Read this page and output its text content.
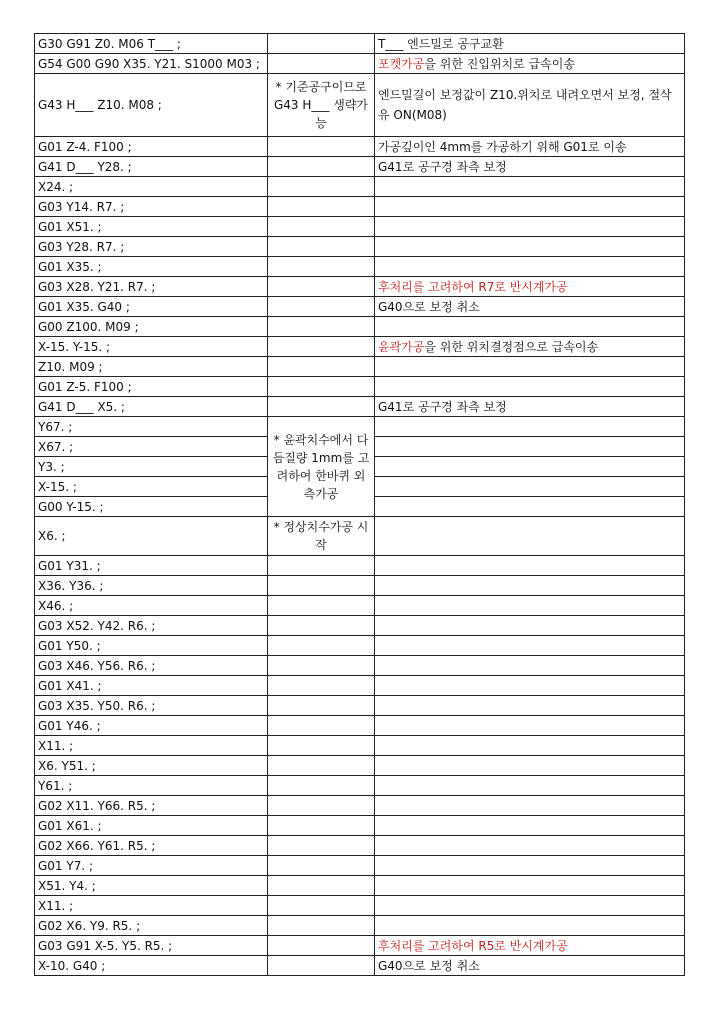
G30 G91 Z0. M06 T___ ;		T___ 엔드밀로 공구교환
G54 G00 G90 X35. Y21. S1000 M03 ;		포켓가공을 위한 진입위치로 급속이송
G43 H___ Z10. M08 ;	* 기준공구이므로 G43 H___ 생략가능	엔드밀길이 보정값이 Z10.위치로 내려오면서 보정, 절삭유 ON(M08)
G01 Z-4. F100 ;		가공깊이인 4mm를 가공하기 위해 G01로 이송
G41 D___ Y28. ;		G41로 공구경 좌측 보정
X24. ;		
G03 Y14. R7. ;		
G01 X51. ;		
G03 Y28. R7. ;		
G01 X35. ;		
G03 X28. Y21. R7. ;		후처리를 고려하여 R7로 반시계가공
G01 X35. G40 ;		G40으로 보정 취소
G00 Z100. M09 ;		
X-15. Y-15. ;		윤곽가공을 위한 위치결정점으로 급속이송
Z10. M09 ;		
G01 Z-5. F100 ;		
G41 D___ X5. ;		G41로 공구경 좌측 보정
Y67. ;	* 윤곽치수에서 다듬질량 1mm를 고려하여 한바퀴 외측가공	
X67. ;		
Y3. ;		
X-15. ;		
G00 Y-15. ;		
X6. ;	* 정상치수가공 시작	
G01 Y31. ;		
X36. Y36. ;		
X46. ;		
G03 X52. Y42. R6. ;		
G01 Y50. ;		
G03 X46. Y56. R6. ;		
G01 X41. ;		
G03 X35. Y50. R6. ;		
G01 Y46. ;		
X11. ;		
X6. Y51. ;		
Y61. ;		
G02 X11. Y66. R5. ;		
G01 X61. ;		
G02 X66. Y61. R5. ;		
G01 Y7. ;		
X51. Y4. ;		
X11. ;		
G02 X6. Y9. R5. ;		
G03 G91 X-5. Y5. R5. ;		후처리를 고려하여 R5로 반시계가공
X-10. G40 ;		G40으로 보정 취소
